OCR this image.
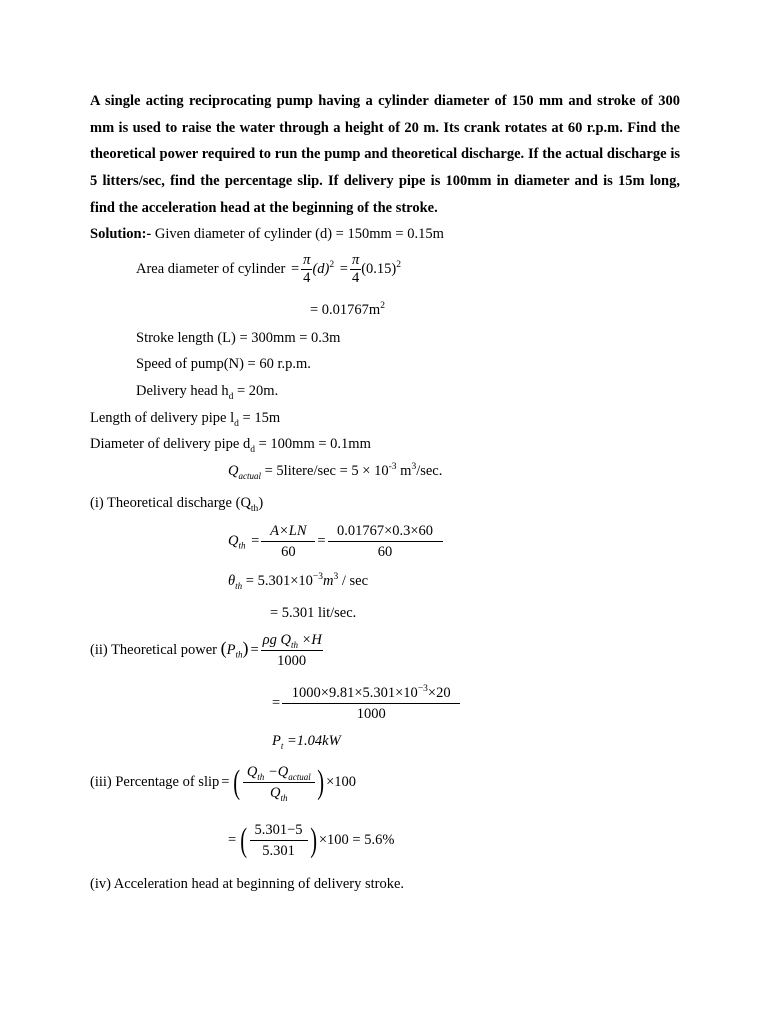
A single acting reciprocating pump having a cylinder diameter of 150 mm and stroke of 300 mm is used to raise the water through a height of 20 m. Its crank rotates at 60 r.p.m. Find the theoretical power required to run the pump and theoretical discharge. If the actual discharge is 5 litters/sec, find the percentage slip. If delivery pipe is 100mm in diameter and is 15m long, find the acceleration head at the beginning of the stroke.
Solution:- Given diameter of cylinder (d) = 150mm = 0.15m
Area diameter of cylinder = $\frac{\pi}{4} (d)^2 = \frac{\pi}{4} (0.15)^2$
= $0.01767m^2$
Stroke length (L) = 300mm = 0.3m
Speed of pump(N) = 60 r.p.m.
Delivery head $h_d = 20m$.
Length of delivery pipe $l_d = 15m$
Diameter of delivery pipe $d_d = 100mm = 0.1mm$
$Q_{actual}$ = 5litere/sec = $5 \times 10^{-3}$ $m^3/\sec$.
(i) Theoretical discharge $(Q_{th})$
$Q_{th} = \frac{A\times LN}{60} = \frac{0.01767\times 0.3\times 60}{60}$
$\theta_{th} = 5.301\times 10^{-3}m^3 / \sec$
= 5.301 lit/sec.
(ii) Theoretical power $(P_{th}) = \frac{\rho g Q_{th} \times H}{1000}$
= $\frac{1000\times 9.81\times 5.301\times 10^{-3}\times 20}{1000}$
$P_t =1.04kW$
(iii) Percentage of slip = ( $\frac{Q_{th} -Q_{actual}}{Q_{th}}$ ) ×100
= ( $\frac{5.301-5}{5.301}$ ) ×100 = 5.6%
(iv) Acceleration head at beginning of delivery stroke.
